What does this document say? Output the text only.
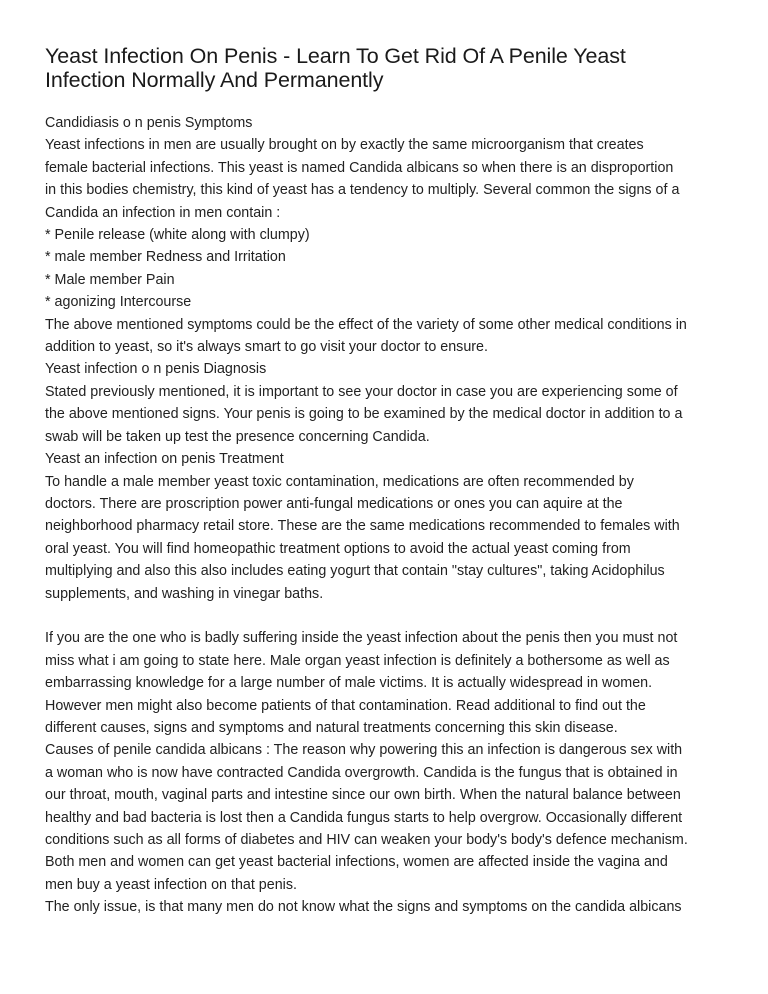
Yeast Infection On Penis - Learn To Get Rid Of A Penile Yeast
Infection Normally And Permanently
Candidiasis o n penis Symptoms
Yeast infections in men are usually brought on by exactly the same microorganism that creates
female bacterial infections. This yeast is named Candida albicans so when there is an disproportion
in this bodies chemistry, this kind of yeast has a tendency to multiply. Several common the signs of a
Candida an infection in men contain :
* Penile release (white along with clumpy)
* male member Redness and Irritation
* Male member Pain
* agonizing Intercourse
The above mentioned symptoms could be the effect of the variety of some other medical conditions in
addition to yeast, so it's always smart to go visit your doctor to ensure.
Yeast infection o n penis Diagnosis
Stated previously mentioned, it is important to see your doctor in case you are experiencing some of
the above mentioned signs. Your penis is going to be examined by the medical doctor in addition to a
swab will be taken up test the presence concerning Candida.
Yeast an infection on penis Treatment
To handle a male member yeast toxic contamination, medications are often recommended by
doctors. There are proscription power anti-fungal medications or ones you can aquire at the
neighborhood pharmacy retail store. These are the same medications recommended to females with
oral yeast. You will find homeopathic treatment options to avoid the actual yeast coming from
multiplying and also this also includes eating yogurt that contain "stay cultures", taking Acidophilus
supplements, and washing in vinegar baths.
If you are the one who is badly suffering inside the yeast infection about the penis then you must not
miss what i am going to state here. Male organ yeast infection is definitely a bothersome as well as
embarrassing knowledge for a large number of male victims. It is actually widespread in women.
However men might also become patients of that contamination. Read additional to find out the
different causes, signs and symptoms and natural treatments concerning this skin disease.
Causes of penile candida albicans : The reason why powering this an infection is dangerous sex with
a woman who is now have contracted Candida overgrowth. Candida is the fungus that is obtained in
our throat, mouth, vaginal parts and intestine since our own birth. When the natural balance between
healthy and bad bacteria is lost then a Candida fungus starts to help overgrow. Occasionally different
conditions such as all forms of diabetes and HIV can weaken your body's body's defence mechanism.
Both men and women can get yeast bacterial infections, women are affected inside the vagina and
men buy a yeast infection on that penis.
The only issue, is that many men do not know what the signs and symptoms on the candida albicans
